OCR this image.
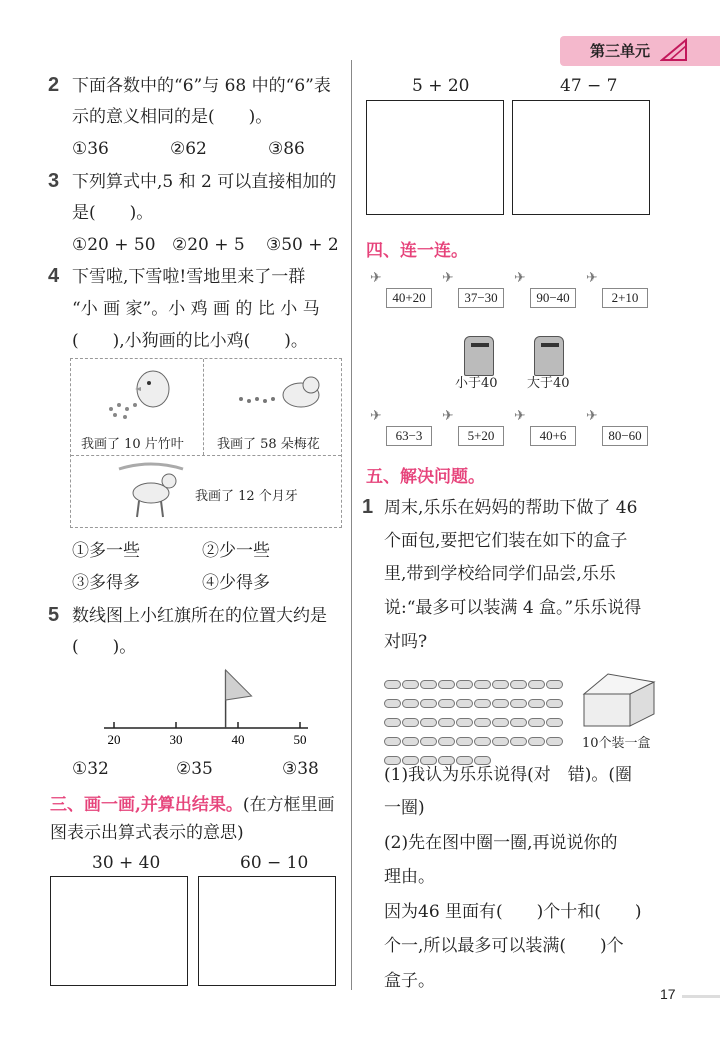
第三单元
2 下面各数中的“6”与 68 中的“6”表
示的意义相同的是(　　)。
①36	②62	③86
3 下列算式中,5 和 2 可以直接相加的
是(　　)。
①20 + 50 ②20 + 5 ③50 + 2
4 下雪啦,下雪啦!雪地里来了一群
“小 画 家”。小 鸡 画 的 比 小 马
(　　),小狗画的比小鸡(　　)。
我画了 10 片竹叶	我画了 58 朵梅花
我画了 12 个月牙
①多一些	②少一些
③多得多	④少得多
5 数线图上小红旗所在的位置大约是
(　　)。
20	30	40	50
①32	②35	③38
三、画一画,并算出结果。(在方框里画
图表示出算式表示的意思)
30 + 40	60 − 10
5 + 20	47 − 7
四、连一连。
✈
40+20
✈
37−30
✈
90−40
✈
2+10
小于40 大于40
✈
63−3
✈
5+20
✈
40+6
✈
80−60
五、解决问题。
1 周末,乐乐在妈妈的帮助下做了 46
个面包,要把它们装在如下的盒子
里,带到学校给同学们品尝,乐乐
说:“最多可以装满 4 盒。”乐乐说得
对吗?
10个装一盒
(1)我认为乐乐说得(对　错)。(圈
一圈)
(2)先在图中圈一圈,再说说你的
理由。
因为46 里面有(　　)个十和(　　)
个一,所以最多可以装满(　　)个
盒子。
17
